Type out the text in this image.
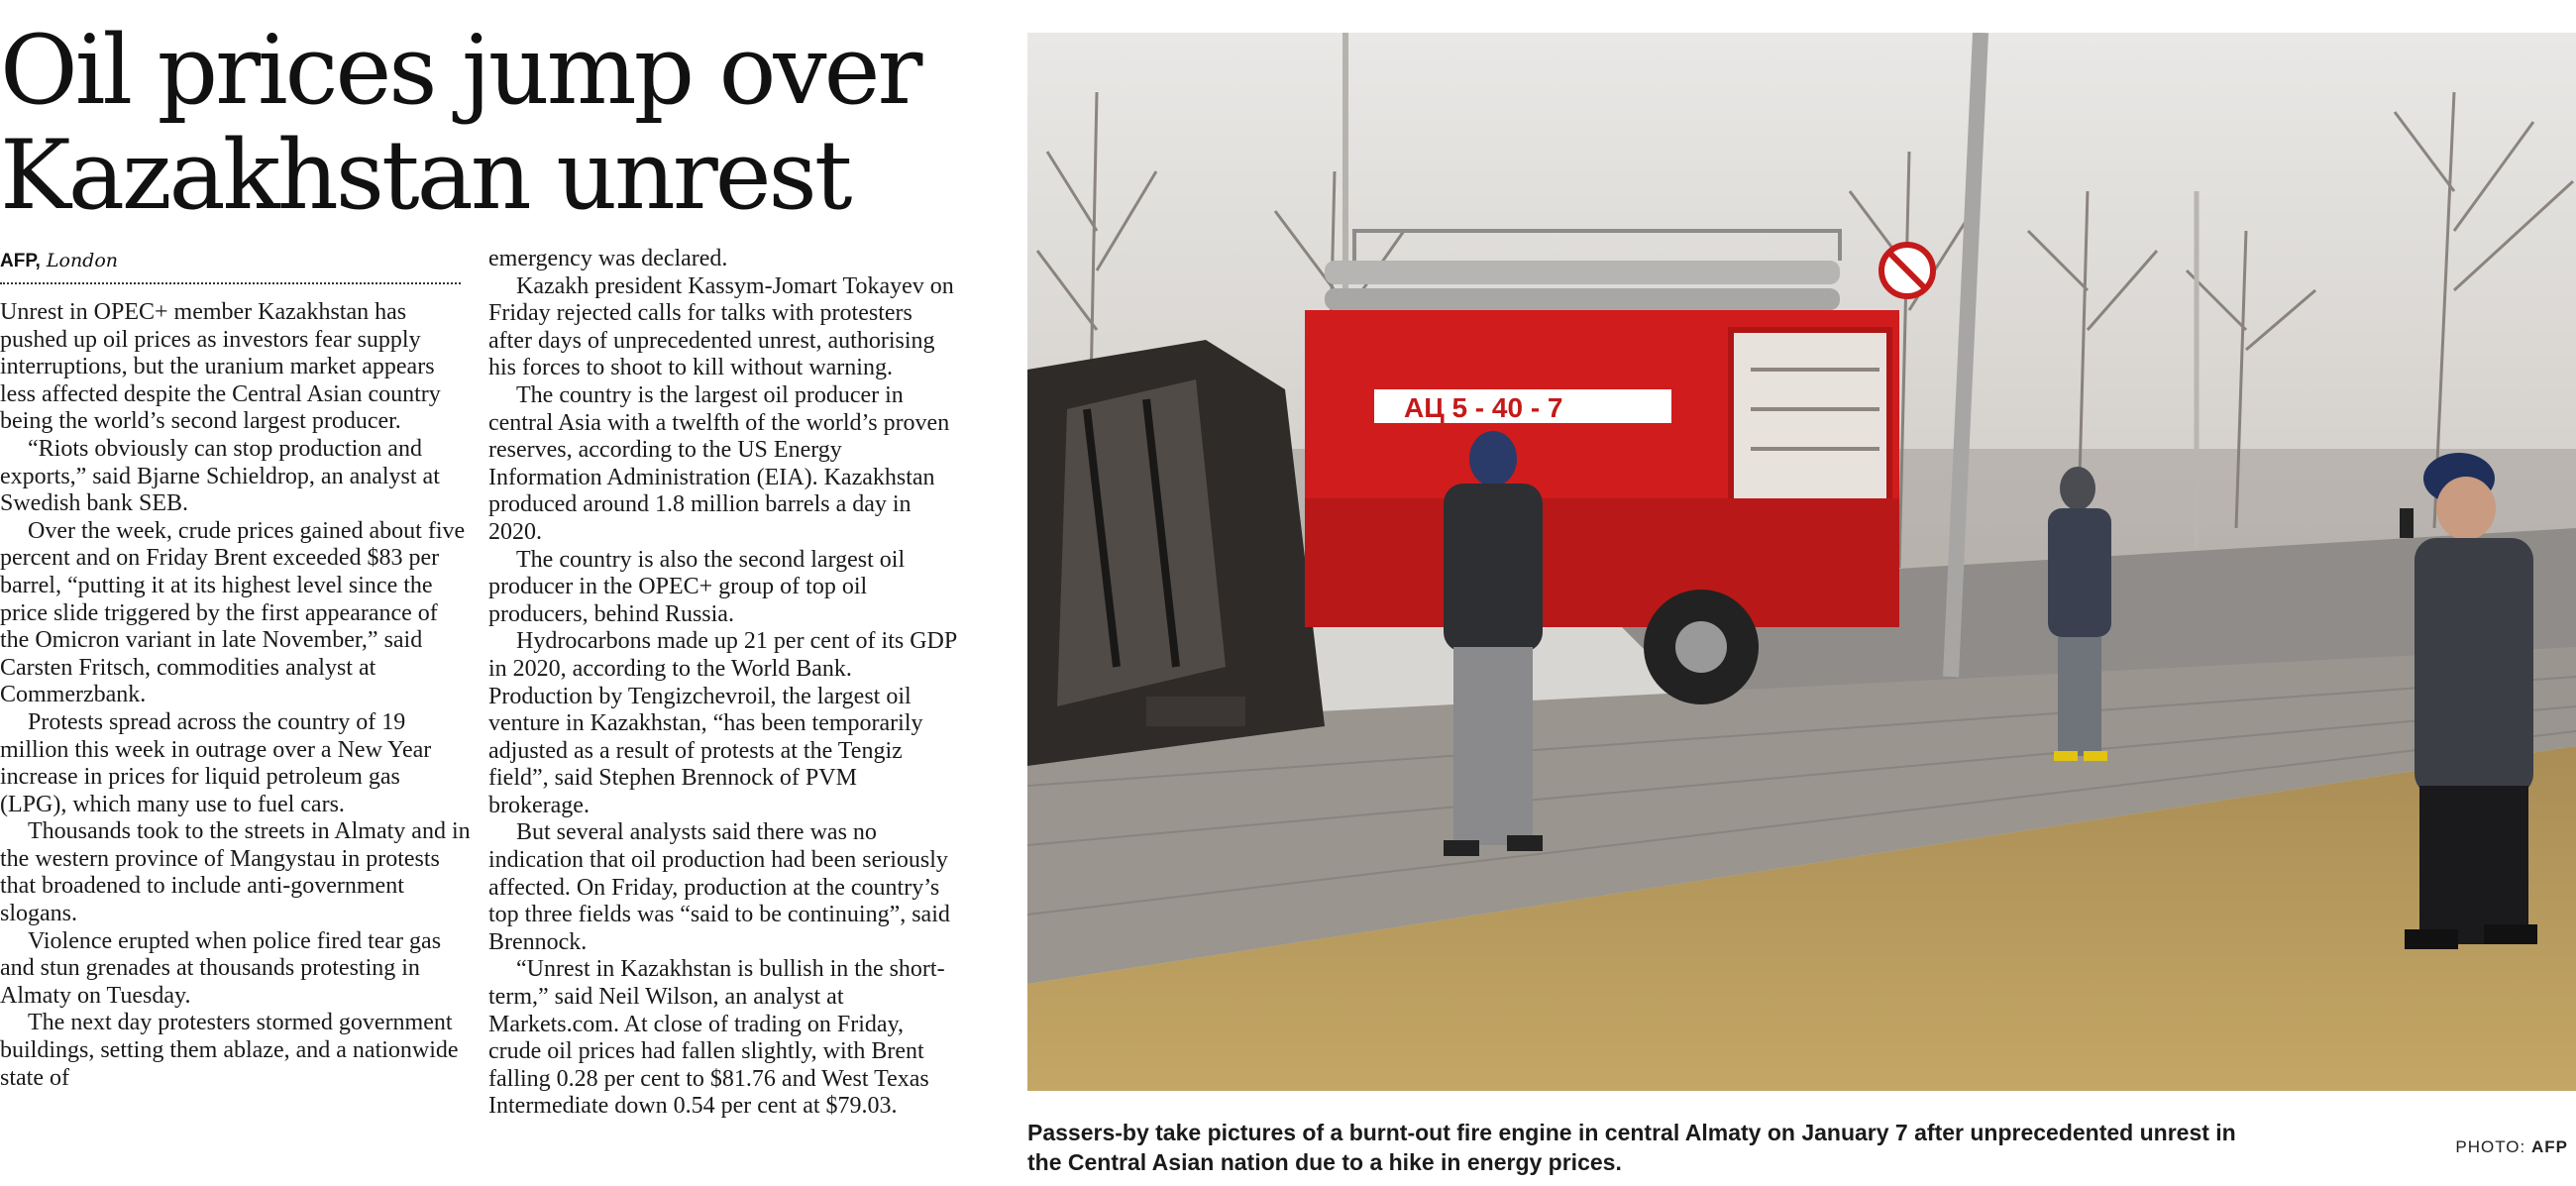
Oil prices jump over Kazakhstan unrest
AFP, London

Unrest in OPEC+ member Kazakhstan has pushed up oil prices as investors fear supply interruptions, but the uranium market appears less affected despite the Central Asian country being the world’s second largest producer.

“Riots obviously can stop production and exports,” said Bjarne Schieldrop, an analyst at Swedish bank SEB.

Over the week, crude prices gained about five percent and on Friday Brent exceeded $83 per barrel, “putting it at its highest level since the price slide triggered by the first appearance of the Omicron variant in late November,” said Carsten Fritsch, commodities analyst at Commerzbank.

Protests spread across the country of 19 million this week in outrage over a New Year increase in prices for liquid petroleum gas (LPG), which many use to fuel cars.

Thousands took to the streets in Almaty and in the western province of Mangystau in protests that broadened to include anti-government slogans.

Violence erupted when police fired tear gas and stun grenades at thousands protesting in Almaty on Tuesday.

The next day protesters stormed government buildings, setting them ablaze, and a nationwide state of

emergency was declared.

Kazakh president Kassym-Jomart Tokayev on Friday rejected calls for talks with protesters after days of unprecedented unrest, authorising his forces to shoot to kill without warning.

The country is the largest oil producer in central Asia with a twelfth of the world’s proven reserves, according to the US Energy Information Administration (EIA). Kazakhstan produced around 1.8 million barrels a day in 2020.

The country is also the second largest oil producer in the OPEC+ group of top oil producers, behind Russia.

Hydrocarbons made up 21 per cent of its GDP in 2020, according to the World Bank. Production by Tengizchevroil, the largest oil venture in Kazakhstan, “has been temporarily adjusted as a result of protests at the Tengiz field”, said Stephen Brennock of PVM brokerage.

But several analysts said there was no indication that oil production had been seriously affected. On Friday, production at the country’s top three fields was “said to be continuing”, said Brennock.

“Unrest in Kazakhstan is bullish in the short-term,” said Neil Wilson, an analyst at Markets.com. At close of trading on Friday, crude oil prices had fallen slightly, with Brent falling 0.28 per cent to $81.76 and West Texas Intermediate down 0.54 per cent at $79.03.

АЦ 5 - 40 - 7
Passers-by take pictures of a burnt-out fire engine in central Almaty on January 7 after unprecedented unrest in the Central Asian nation due to a hike in energy prices.
PHOTO: AFP
